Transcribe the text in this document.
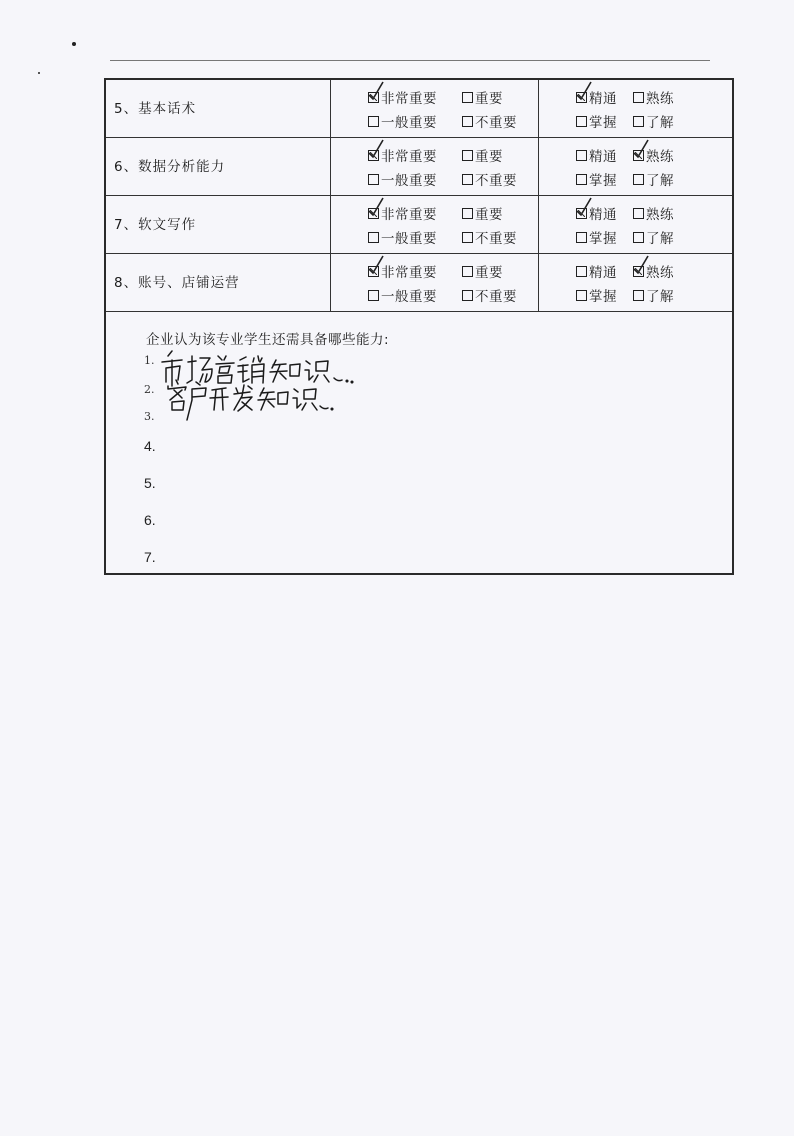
5、基本话术
非常重要	重要
一般重要	不重要
精通	熟练
掌握	了解
6、数据分析能力
非常重要	重要
一般重要	不重要
精通	熟练
掌握	了解
7、软文写作
非常重要	重要
一般重要	不重要
精通	熟练
掌握	了解
8、账号、店铺运营
非常重要	重要
一般重要	不重要
精通	熟练
掌握	了解
企业认为该专业学生还需具备哪些能力:
1.
2.
3.
4.
5.
6.
7.
